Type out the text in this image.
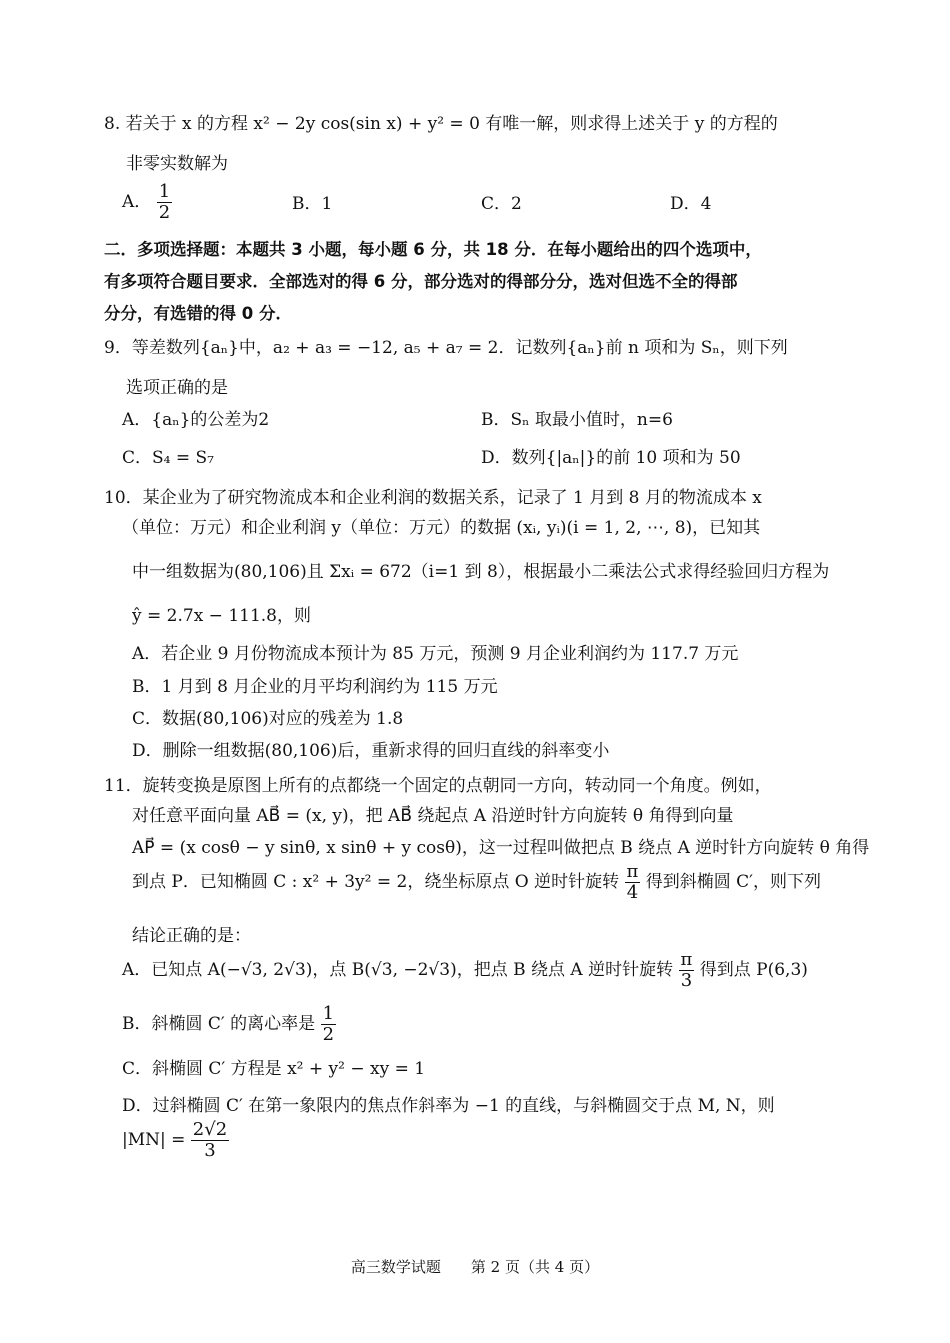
8. 若关于 x 的方程 x² − 2y cos(sin x) + y² = 0 有唯一解，则求得上述关于 y 的方程的
非零实数解为
A． $\frac{1}{2}$	B．1	C．2	D．4
二．多项选择题：本题共 3 小题，每小题 6 分，共 18 分．在每小题给出的四个选项中，
有多项符合题目要求．全部选对的得 6 分，部分选对的得部分分，选对但选不全的得部
分分，有选错的得 0 分．
9．等差数列{aₙ}中，a₂ + a₃ = −12, a₅ + a₇ = 2．记数列{aₙ}前 n 项和为 Sₙ，则下列
选项正确的是
A．{aₙ}的公差为2	B．Sₙ 取最小值时，n=6
C．S₄ = S₇	D．数列{|aₙ|}的前 10 项和为 50
10．某企业为了研究物流成本和企业利润的数据关系，记录了 1 月到 8 月的物流成本 x
（单位：万元）和企业利润 y（单位：万元）的数据 (xᵢ, yᵢ)(i = 1, 2, ⋯, 8)，已知其
中一组数据为(80,106)且 Σxᵢ = 672（i=1 到 8），根据最小二乘法公式求得经验回归方程为
ŷ = 2.7x − 111.8，则
A．若企业 9 月份物流成本预计为 85 万元，预测 9 月企业利润约为 117.7 万元
B．1 月到 8 月企业的月平均利润约为 115 万元
C．数据(80,106)对应的残差为 1.8
D．删除一组数据(80,106)后，重新求得的回归直线的斜率变小
11．旋转变换是原图上所有的点都绕一个固定的点朝同一方向，转动同一个角度。例如，
对任意平面向量 AB⃗ = (x, y)，把 AB⃗ 绕起点 A 沿逆时针方向旋转 θ 角得到向量
AP⃗ = (x cosθ − y sinθ, x sinθ + y cosθ)，这一过程叫做把点 B 绕点 A 逆时针方向旋转 θ 角得
到点 P．已知椭圆 C : x² + 3y² = 2，绕坐标原点 O 逆时针旋转 $\frac{\pi}{4}$ 得到斜椭圆 C′，则下列
结论正确的是：
A．已知点 A(−√3, 2√3)，点 B(√3, −2√3)，把点 B 绕点 A 逆时针旋转 $\frac{\pi}{3}$ 得到点 P(6,3)
B．斜椭圆 C′ 的离心率是 $\frac{1}{2}$
C．斜椭圆 C′ 方程是 x² + y² − xy = 1
D．过斜椭圆 C′ 在第一象限内的焦点作斜率为 −1 的直线，与斜椭圆交于点 M, N，则
$|MN| = \frac{2√2}{3}$
高三数学试题　　第 2 页（共 4 页）
